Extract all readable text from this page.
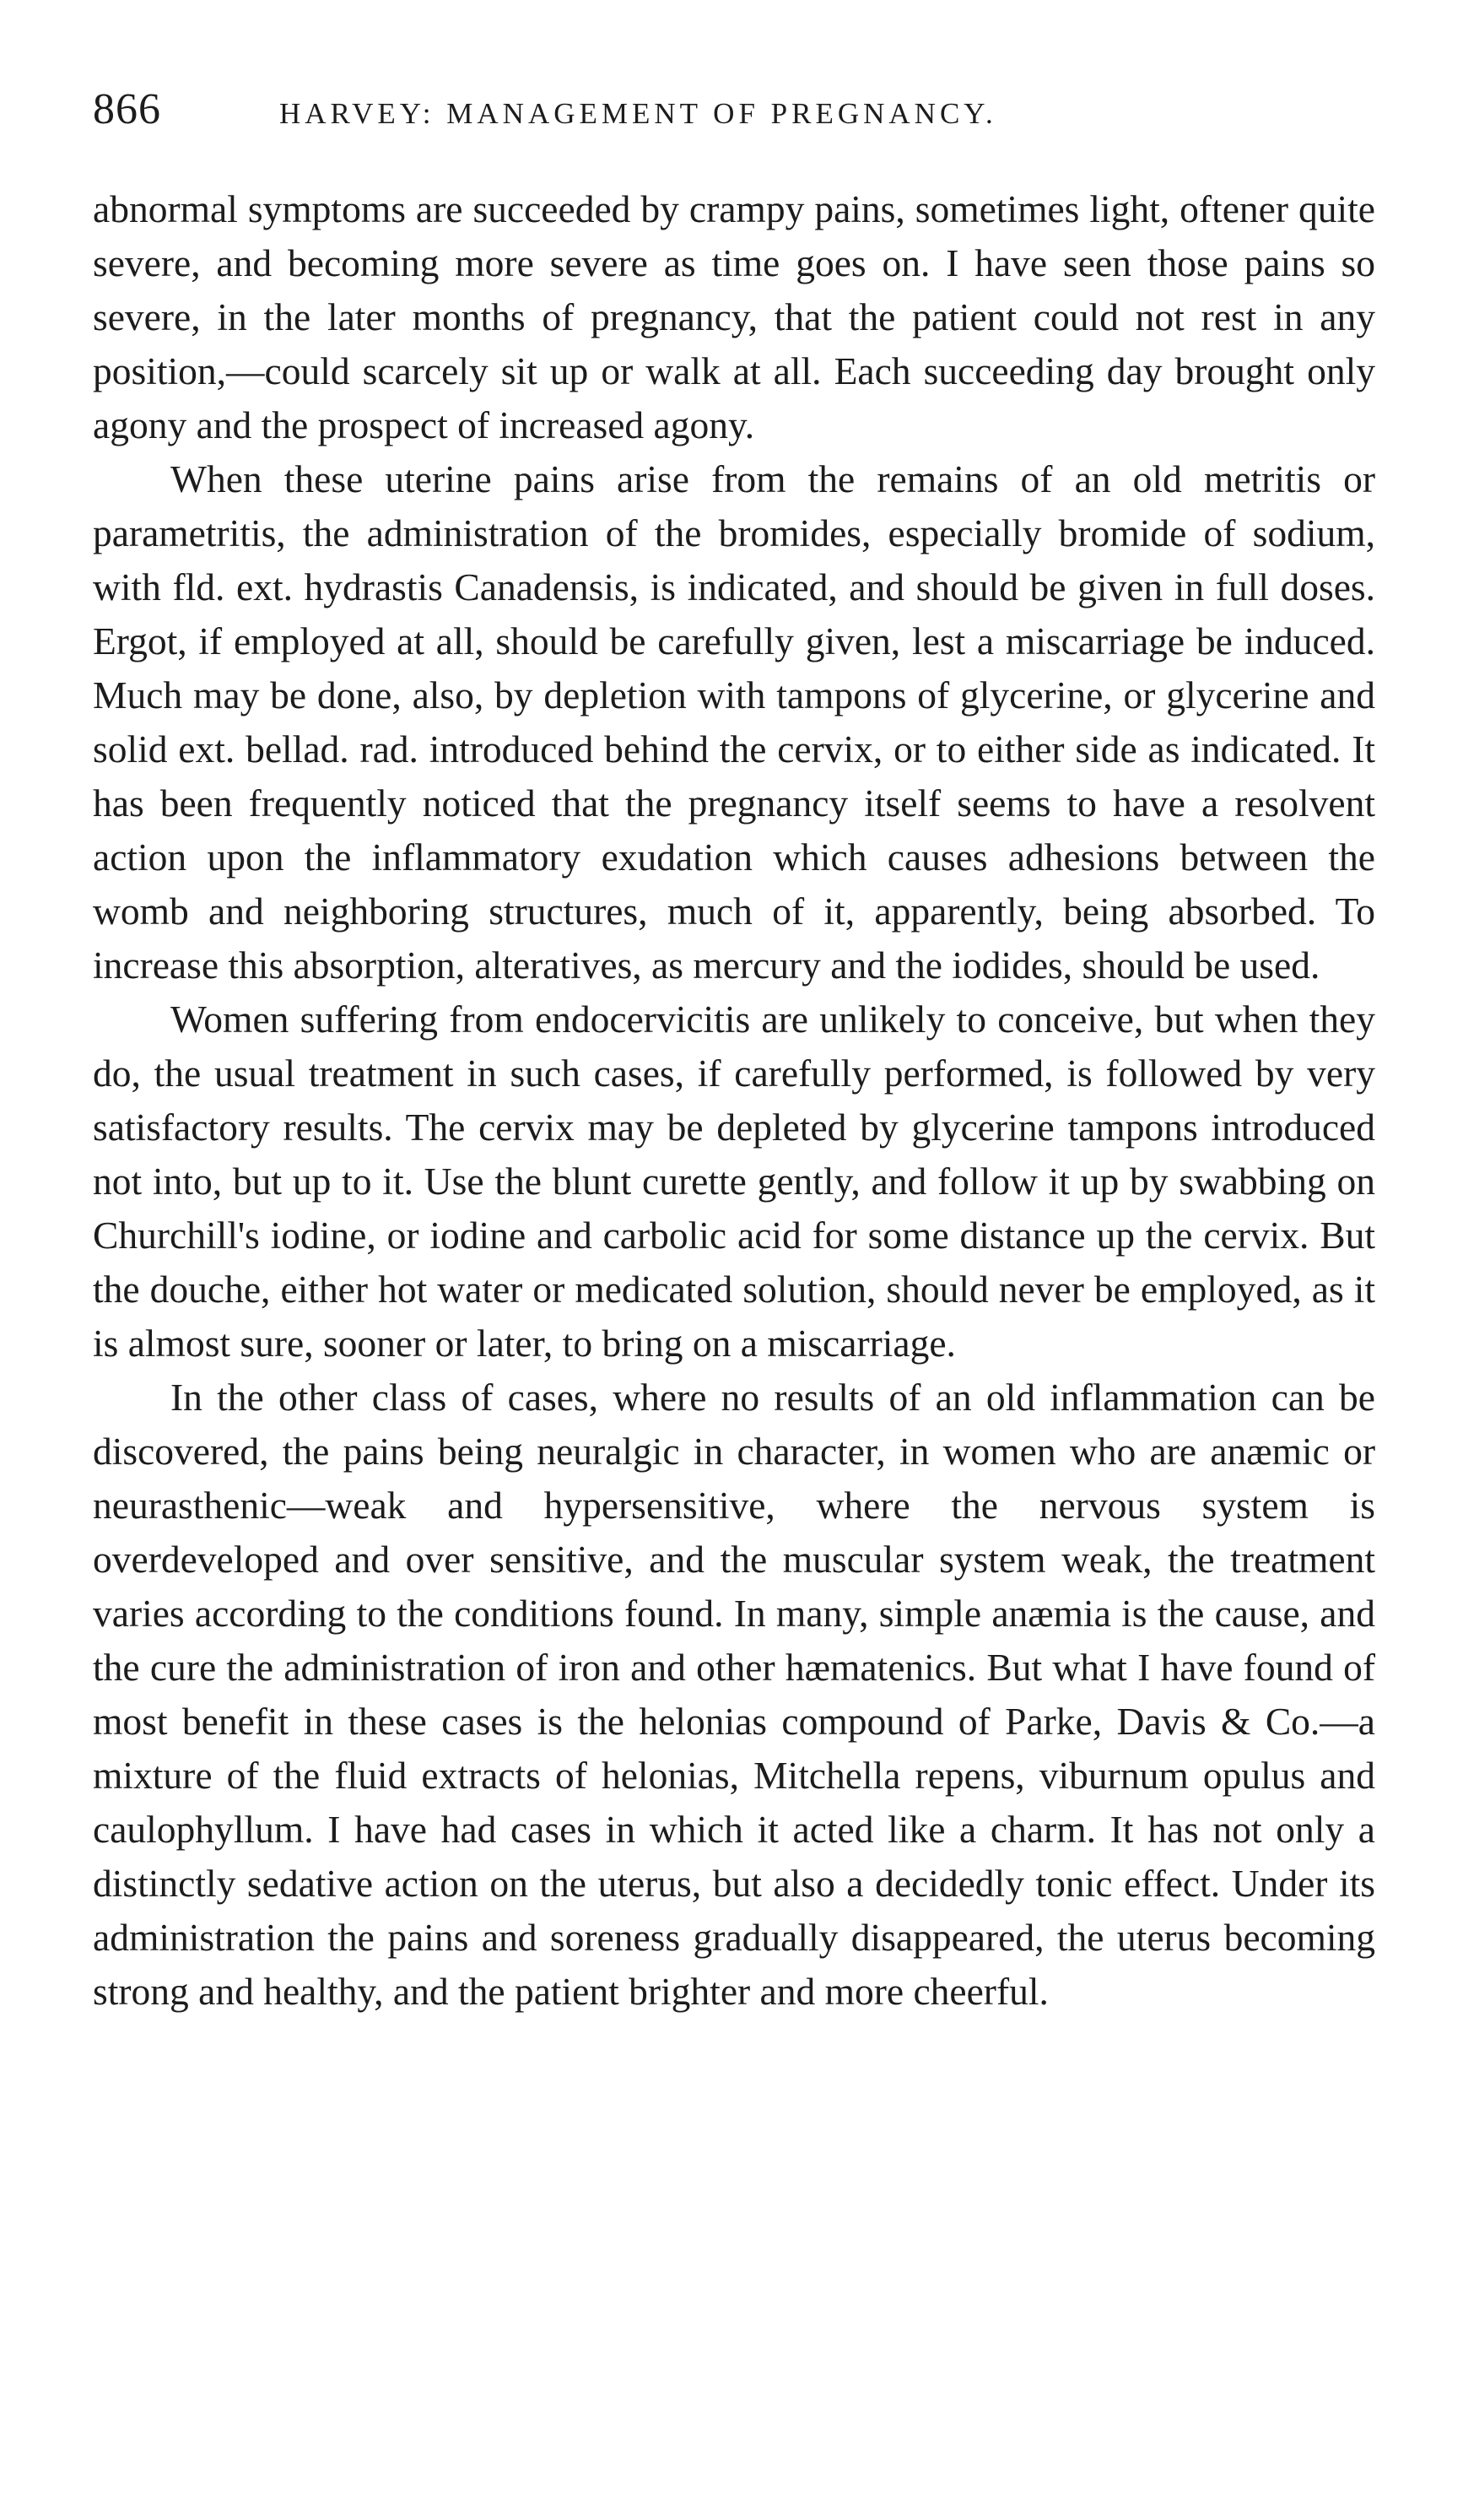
866	HARVEY: MANAGEMENT OF PREGNANCY.

abnormal symptoms are succeeded by crampy pains, sometimes light, oftener quite severe, and becoming more severe as time goes on. I have seen those pains so severe, in the later months of pregnancy, that the patient could not rest in any position,—could scarcely sit up or walk at all. Each succeeding day brought only agony and the prospect of increased agony.

When these uterine pains arise from the remains of an old metritis or parametritis, the administration of the bromides, especially bromide of sodium, with fld. ext. hydrastis Canadensis, is indicated, and should be given in full doses. Ergot, if employed at all, should be carefully given, lest a miscarriage be induced. Much may be done, also, by depletion with tampons of glycerine, or glycerine and solid ext. bellad. rad. introduced behind the cervix, or to either side as indicated. It has been frequently noticed that the pregnancy itself seems to have a resolvent action upon the inflammatory exudation which causes adhesions between the womb and neighboring structures, much of it, apparently, being absorbed. To increase this absorption, alteratives, as mercury and the iodides, should be used.

Women suffering from endocervicitis are unlikely to conceive, but when they do, the usual treatment in such cases, if carefully performed, is followed by very satisfactory results. The cervix may be depleted by glycerine tampons introduced not into, but up to it. Use the blunt curette gently, and follow it up by swabbing on Churchill's iodine, or iodine and carbolic acid for some distance up the cervix. But the douche, either hot water or medicated solution, should never be employed, as it is almost sure, sooner or later, to bring on a miscarriage.

In the other class of cases, where no results of an old inflammation can be discovered, the pains being neuralgic in character, in women who are anæmic or neurasthenic—weak and hypersensitive, where the nervous system is overdeveloped and over sensitive, and the muscular system weak, the treatment varies according to the conditions found. In many, simple anæmia is the cause, and the cure the administration of iron and other hæmatenics. But what I have found of most benefit in these cases is the helonias compound of Parke, Davis & Co.—a mixture of the fluid extracts of helonias, Mitchella repens, viburnum opulus and caulophyllum. I have had cases in which it acted like a charm. It has not only a distinctly sedative action on the uterus, but also a decidedly tonic effect. Under its administration the pains and soreness gradually disappeared, the uterus becoming strong and healthy, and the patient brighter and more cheerful.
